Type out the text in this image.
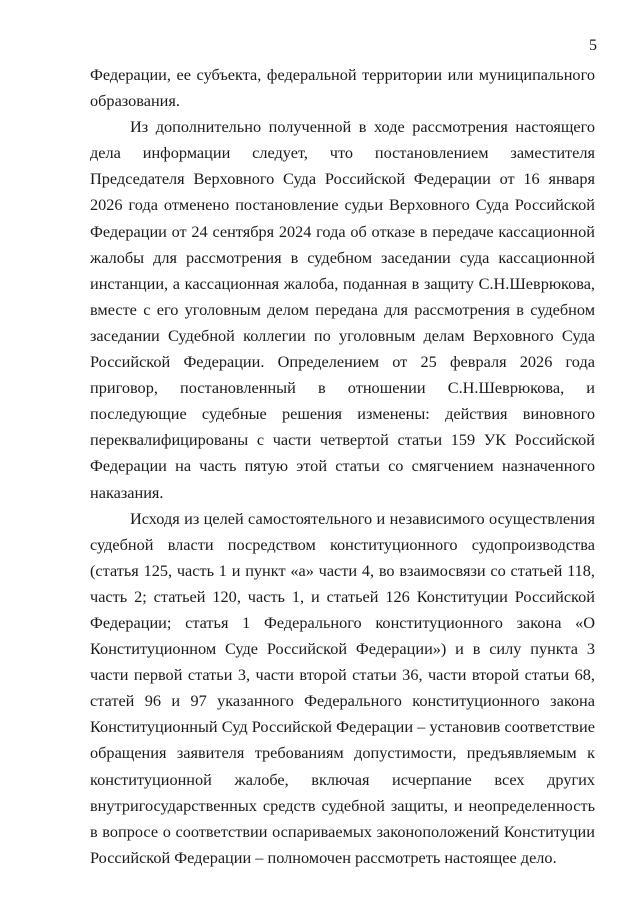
5

Федерации, ее субъекта, федеральной территории или муниципального образования.

Из дополнительно полученной в ходе рассмотрения настоящего дела информации следует, что постановлением заместителя Председателя Верховного Суда Российской Федерации от 16 января 2026 года отменено постановление судьи Верховного Суда Российской Федерации от 24 сентября 2024 года об отказе в передаче кассационной жалобы для рассмотрения в судебном заседании суда кассационной инстанции, а кассационная жалоба, поданная в защиту С.Н.Шеврюкова, вместе с его уголовным делом передана для рассмотрения в судебном заседании Судебной коллегии по уголовным делам Верховного Суда Российской Федерации. Определением от 25 февраля 2026 года приговор, постановленный в отношении С.Н.Шеврюкова, и последующие судебные решения изменены: действия виновного переквалифицированы с части четвертой статьи 159 УК Российской Федерации на часть пятую этой статьи со смягчением назначенного наказания.

Исходя из целей самостоятельного и независимого осуществления судебной власти посредством конституционного судопроизводства (статья 125, часть 1 и пункт «а» части 4, во взаимосвязи со статьей 118, часть 2; статьей 120, часть 1, и статьей 126 Конституции Российской Федерации; статья 1 Федерального конституционного закона «О Конституционном Суде Российской Федерации») и в силу пункта 3 части первой статьи 3, части второй статьи 36, части второй статьи 68, статей 96 и 97 указанного Федерального конституционного закона Конституционный Суд Российской Федерации – установив соответствие обращения заявителя требованиям допустимости, предъявляемым к конституционной жалобе, включая исчерпание всех других внутригосударственных средств судебной защиты, и неопределенность в вопросе о соответствии оспариваемых законоположений Конституции Российской Федерации – полномочен рассмотреть настоящее дело.
